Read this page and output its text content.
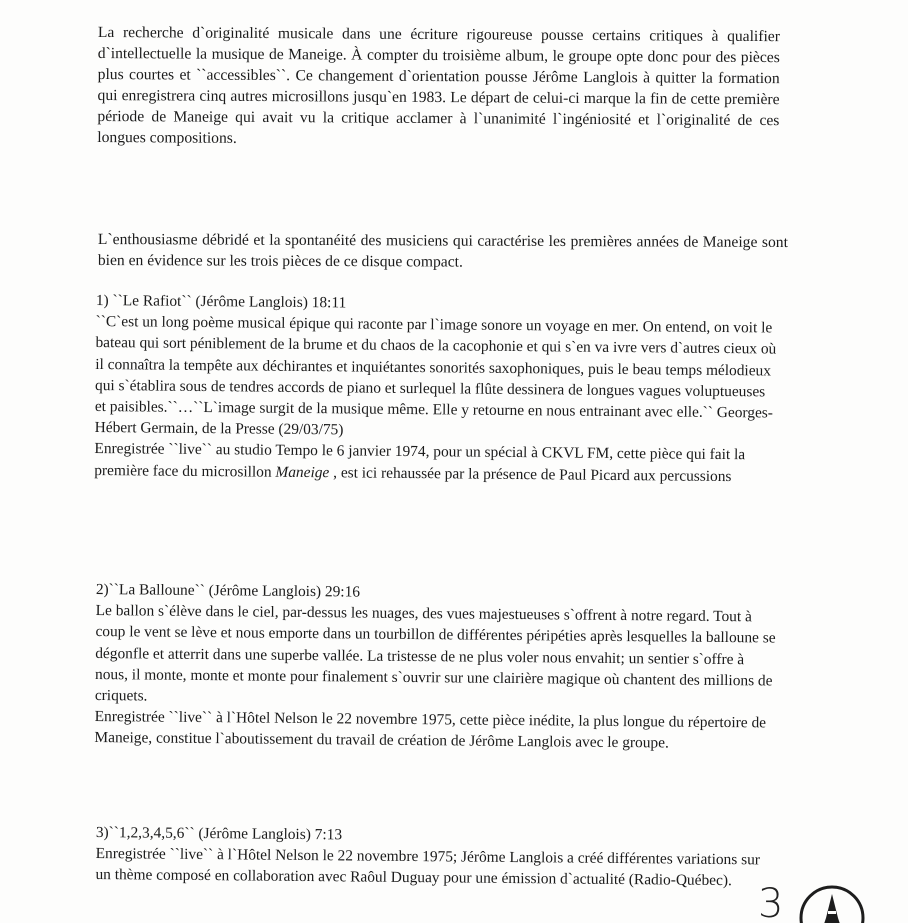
La recherche d`originalité musicale dans une écriture rigoureuse pousse certains critiques à qualifier d`intellectuelle la musique de Maneige. À compter du troisième album, le groupe opte donc pour des pièces plus courtes et ``accessibles``. Ce changement d`orientation pousse Jérôme Langlois à quitter la formation qui enregistrera cinq autres microsillons jusqu`en 1983. Le départ de celui-ci marque la fin de cette première période de Maneige qui avait vu la critique acclamer à l`unanimité l`ingéniosité et l`originalité de ces longues compositions.
L`enthousiasme débridé et la spontanéité des musiciens qui caractérise les premières années de Maneige sont bien en évidence sur les trois pièces de ce disque compact.

1) ``Le Rafiot`` (Jérôme Langlois) 18:11

``C`est un long poème musical épique qui raconte par l`image sonore un voyage en mer. On entend, on voit le bateau qui sort péniblement de la brume et du chaos de la cacophonie et qui s`en va ivre vers d`autres cieux où il connaîtra la tempête aux déchirantes et inquiétantes sonorités saxophoniques, puis le beau temps mélodieux qui s`établira sous de tendres accords de piano et surlequel la flûte dessinera de longues vagues voluptueuses et paisibles.``…``L`image surgit de la musique même. Elle y retourne en nous entrainant avec elle.`` Georges-Hébert Germain, de la Presse (29/03/75)

Enregistrée ``live`` au studio Tempo le 6 janvier 1974, pour un spécial à CKVL FM, cette pièce qui fait la première face du microsillon Maneige , est ici rehaussée par la présence de Paul Picard aux percussions

2)``La Balloune`` (Jérôme Langlois) 29:16

Le ballon s`élève dans le ciel, par-dessus les nuages, des vues majestueuses s`offrent à notre regard. Tout à coup le vent se lève et nous emporte dans un tourbillon de différentes péripéties après lesquelles la balloune se dégonfle et atterrit dans une superbe vallée. La tristesse de ne plus voler nous envahit; un sentier s`offre à nous, il monte, monte et monte pour finalement s`ouvrir sur une clairière magique où chantent des millions de criquets.

Enregistrée ``live`` à l`Hôtel Nelson le 22 novembre 1975, cette pièce inédite, la plus longue du répertoire de Maneige, constitue l`aboutissement du travail de création de Jérôme Langlois avec le groupe.

3)``1,2,3,4,5,6`` (Jérôme Langlois) 7:13

Enregistrée ``live`` à l`Hôtel Nelson le 22 novembre 1975; Jérôme Langlois a créé différentes variations sur un thème composé en collaboration avec Raôul Duguay pour une émission d`actualité (Radio-Québec).

3
